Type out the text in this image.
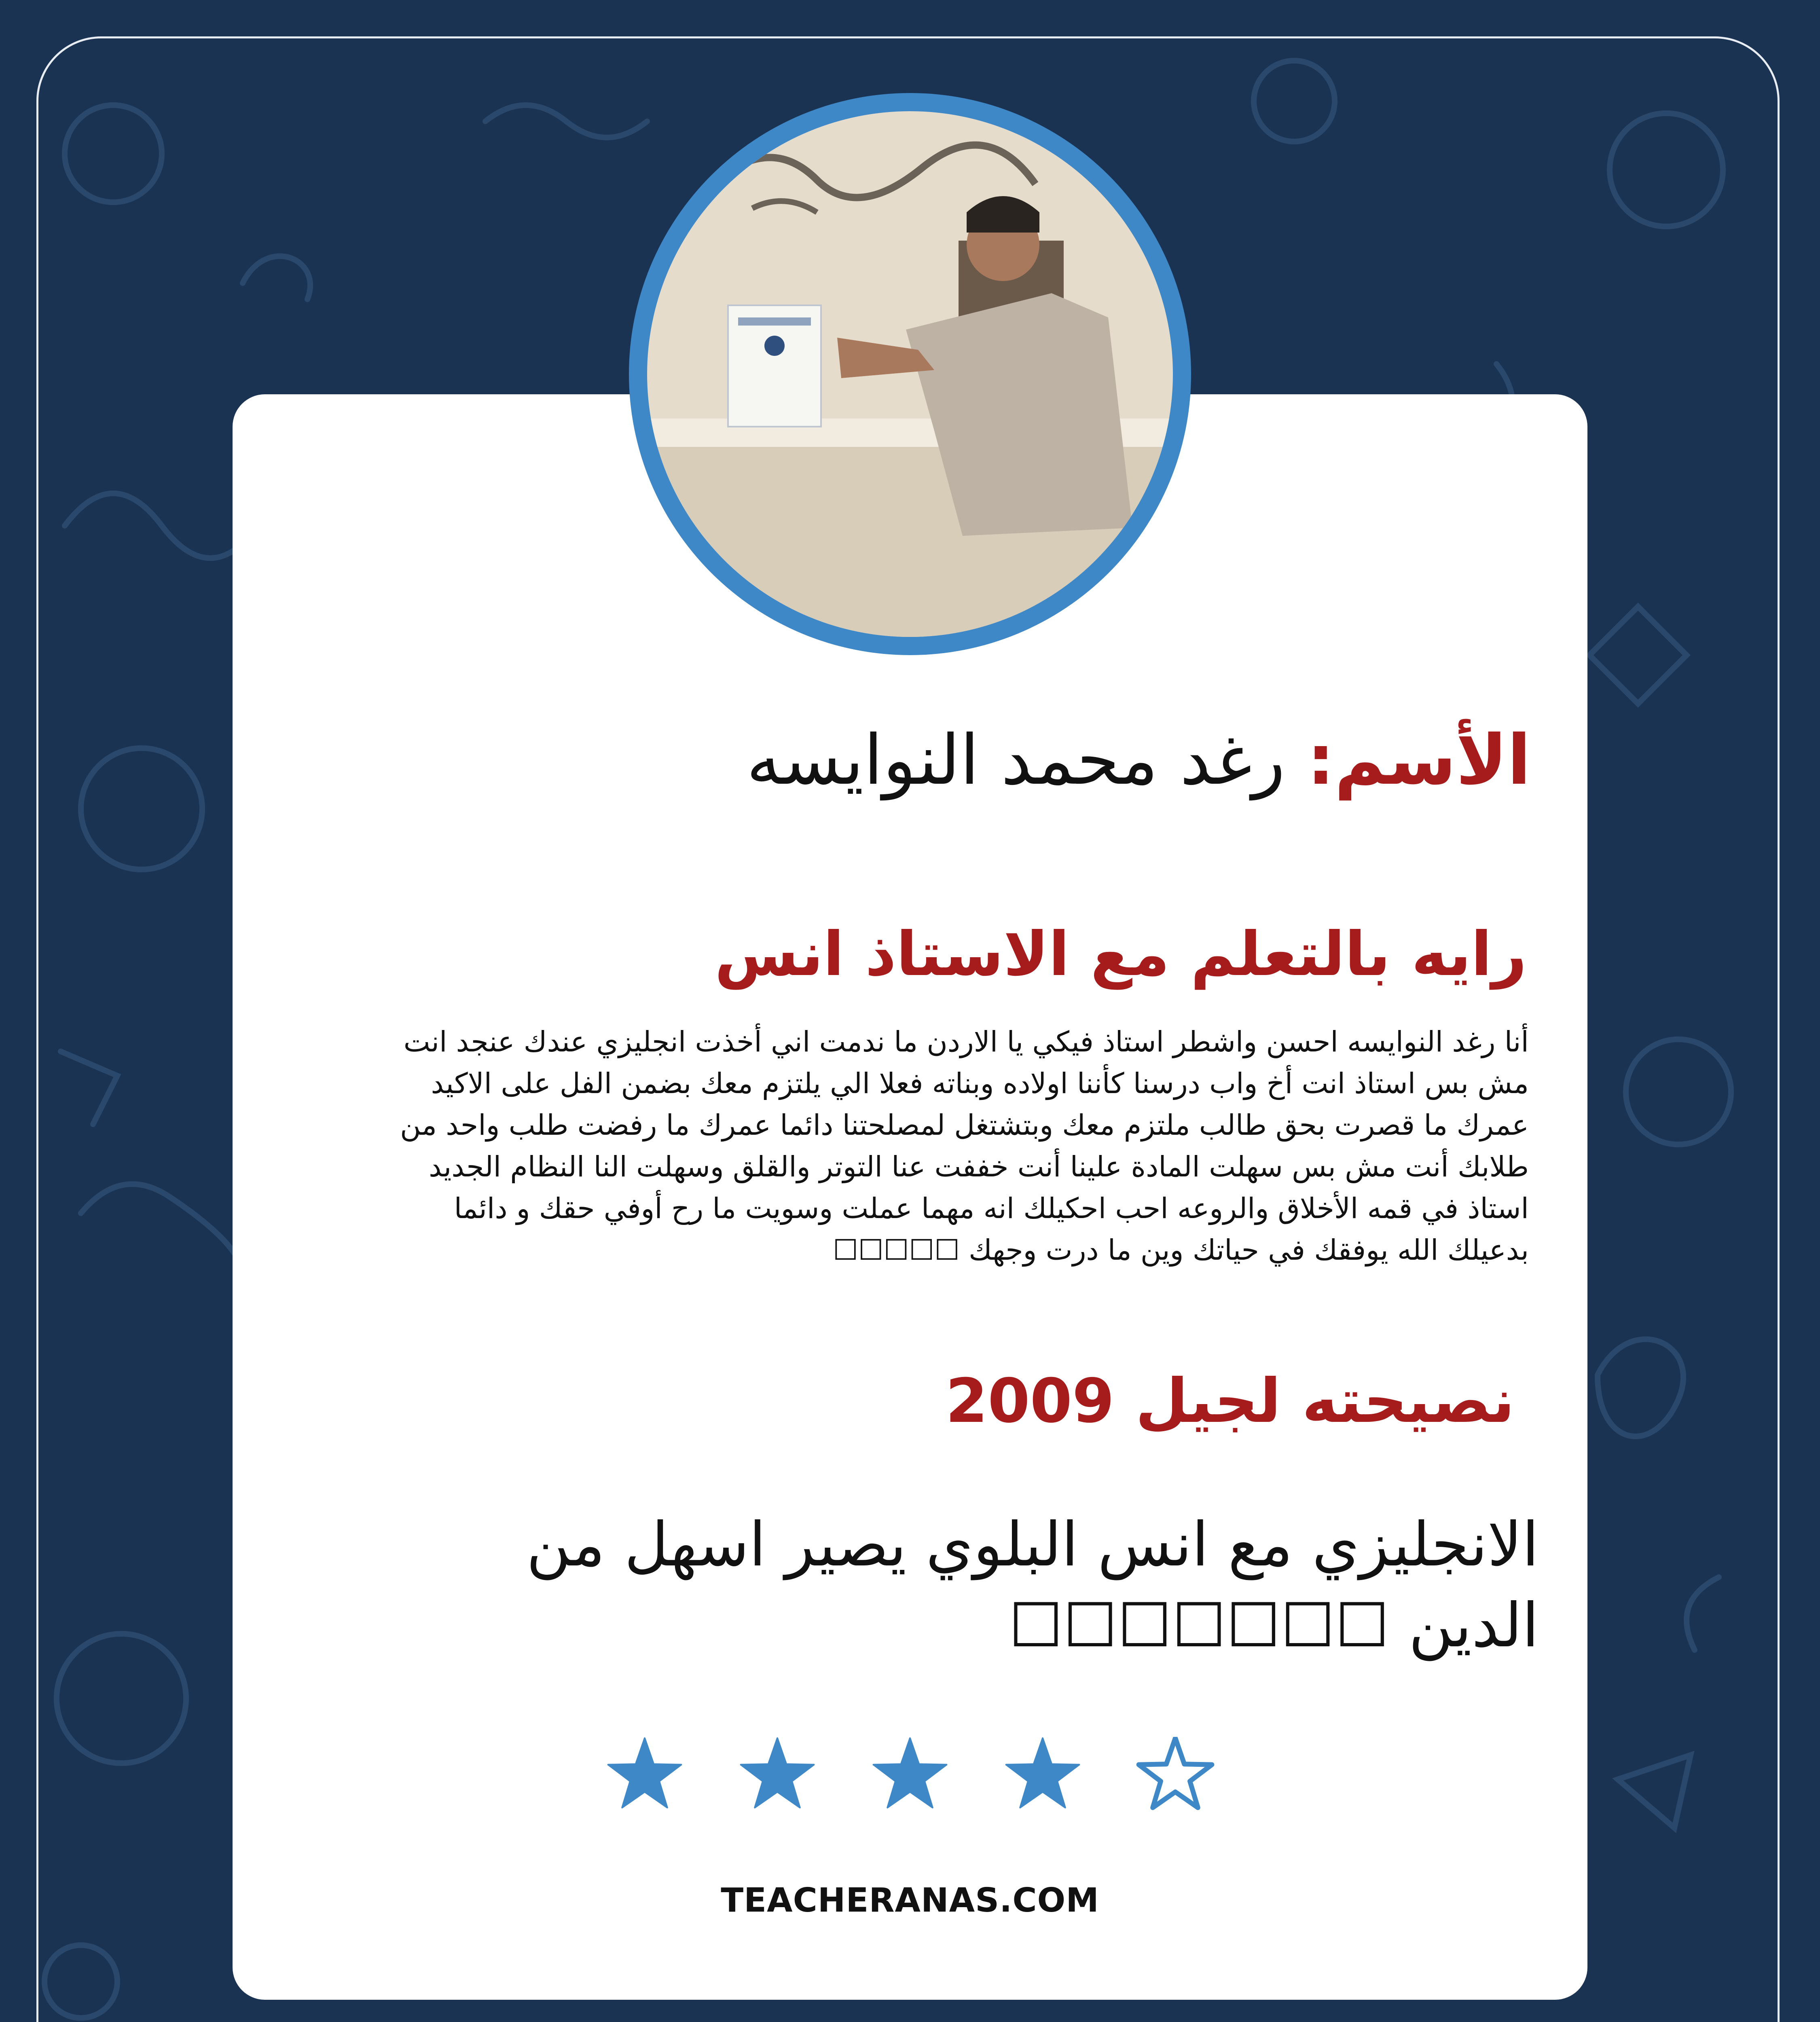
الأسم: رغد محمد النوايسه
رايه بالتعلم مع الاستاذ انس
أنا رغد النوايسه احسن واشطر استاذ فيكي يا الاردن ما ندمت اني أخذت انجليزي عندك عنجد انت مش بس استاذ انت أخ واب درسنا كأننا اولاده وبناته فعلا الي يلتزم معك بضمن الفل على الاكيد عمرك ما قصرت بحق طالب ملتزم معك وبتشتغل لمصلحتنا دائما عمرك ما رفضت طلب واحد من طلابك أنت مش بس سهلت المادة علينا أنت خففت عنا التوتر والقلق وسهلت النا النظام الجديد استاذ في قمه الأخلاق والروعه احب احكيلك انه مهما عملت وسويت ما رح أوفي حقك و دائما بدعيلك الله يوفقك في حياتك وين ما درت وجهك ☐☐☐☐☐
نصيحته لجيل 2009
الانجليزي مع انس البلوي يصير اسهل من الدين ☐☐☐☐☐☐☐
TEACHERANAS.COM
